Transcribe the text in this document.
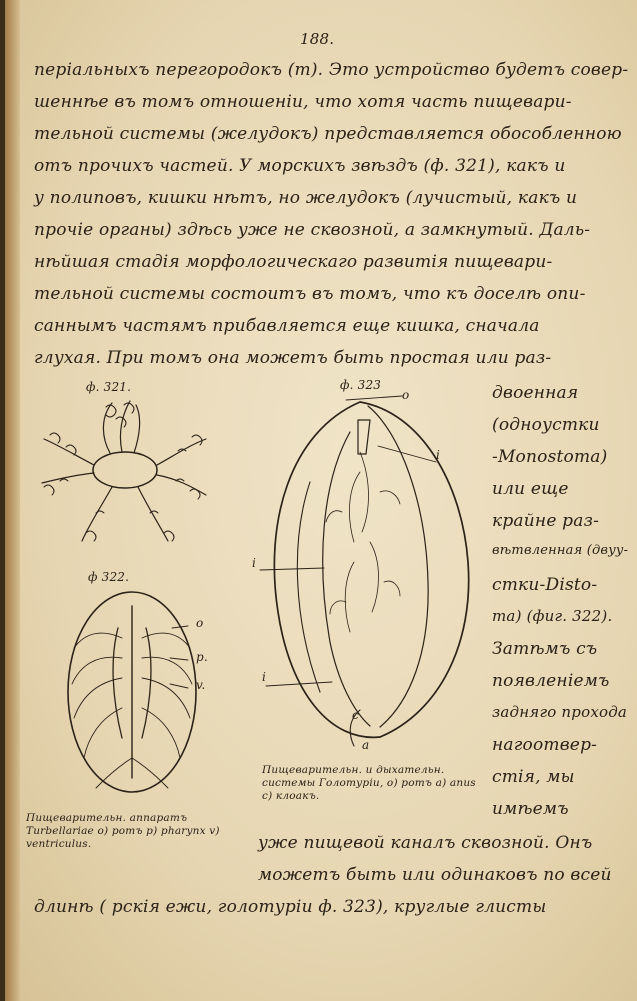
188.
періальныхъ перегородокъ (т). Это устройство будетъ совер-
шеннѣе въ томъ отношеніи, что хотя часть пищевари-
тельной системы (желудокъ) представляется обособленною
отъ прочихъ частей. У морскихъ звѣздъ (ф. 321), какъ и
у полиповъ, кишки нѣтъ, но желудокъ (лучистый, какъ и
прочіе органы) здѣсь уже не сквозной, а замкнутый. Даль-
нѣйшая стадія морфологическаго развитія пищевари-
тельной системы состоитъ въ томъ, что къ доселѣ опи-
саннымъ частямъ прибавляется еще кишка, сначала
глухая. При томъ она можетъ быть простая или раз-
двоенная
(одноустки
-Monostoma)
или еще
крайне раз-
вѣтвленная (двуу-
стки-Disto-
ma) (фиг. 322).
Затѣмъ съ
появленіемъ
задняго прохода
нагоотвер-
стія, мы
имѣемъ
уже пищевой каналъ сквозной. Онъ
можетъ быть или одинаковъ по всей
длинѣ ( рскія ежи, голотуріи ф. 323), круглые глисты
ф. 321.
ф 322.
o
p.
v.
Пищеварительн. аппаратъ Turbellariae o) ротъ p) pharynx v) ventriculus.
ф. 323
o
i
i
i
c
a
Пищеварительн. и дыхательн. системы Голотуріи, o) ротъ a) anus c) клоакъ.
